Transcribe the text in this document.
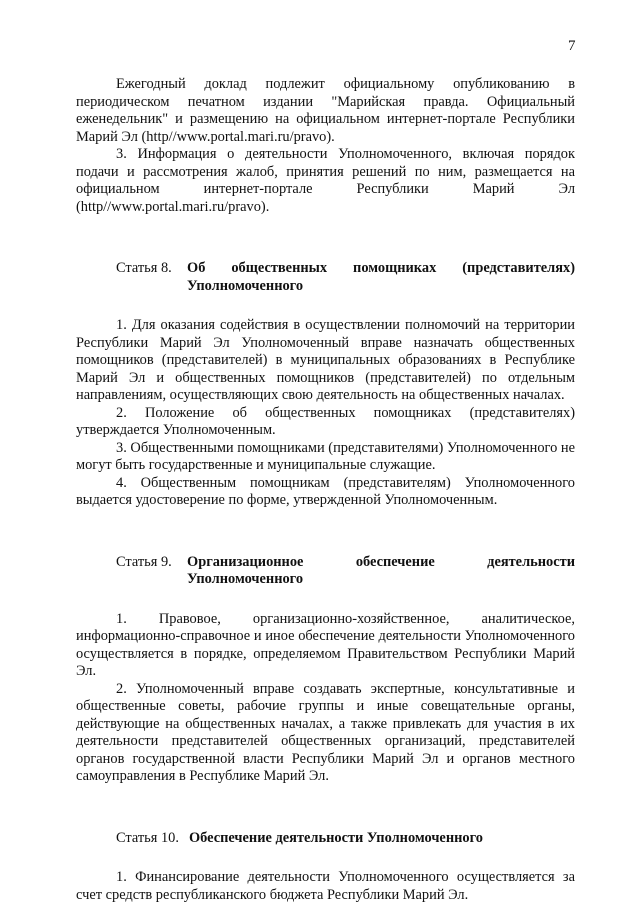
7

Ежегодный доклад подлежит официальному опубликованию в периодическом печатном издании "Марийская правда. Официальный еженедельник" и размещению на официальном интернет-портале Республики Марий Эл (http//www.portal.mari.ru/pravo).

3. Информация о деятельности Уполномоченного, включая порядок подачи и рассмотрения жалоб, принятия решений по ним, размещается на официальном интернет-портале Республики Марий Эл (http//www.portal.mari.ru/pravo).

Статья 8.	Об общественных помощниках (представителях) Уполномоченного

1. Для оказания содействия в осуществлении полномочий на территории Республики Марий Эл Уполномоченный вправе назначать общественных помощников (представителей) в муниципальных образованиях в Республике Марий Эл и общественных помощников (представителей) по отдельным направлениям, осуществляющих свою деятельность на общественных началах.

2. Положение об общественных помощниках (представителях) утверждается Уполномоченным.

3. Общественными помощниками (представителями) Уполномоченного не могут быть государственные и муниципальные служащие.

4. Общественным помощникам (представителям) Уполномоченного выдается удостоверение по форме, утвержденной Уполномоченным.

Статья 9.	Организационное обеспечение деятельности Уполномоченного

1. Правовое, организационно-хозяйственное, аналитическое, информационно-справочное и иное обеспечение деятельности Уполномоченного осуществляется в порядке, определяемом Правительством Республики Марий Эл.

2. Уполномоченный вправе создавать экспертные, консультативные и общественные советы, рабочие группы и иные совещательные органы, действующие на общественных началах, а также привлекать для участия в их деятельности представителей общественных организаций, представителей органов государственной власти Республики Марий Эл и органов местного самоуправления в Республике Марий Эл.

Статья 10. Обеспечение деятельности Уполномоченного

1. Финансирование деятельности Уполномоченного осуществляется за счет средств республиканского бюджета Республики Марий Эл.
